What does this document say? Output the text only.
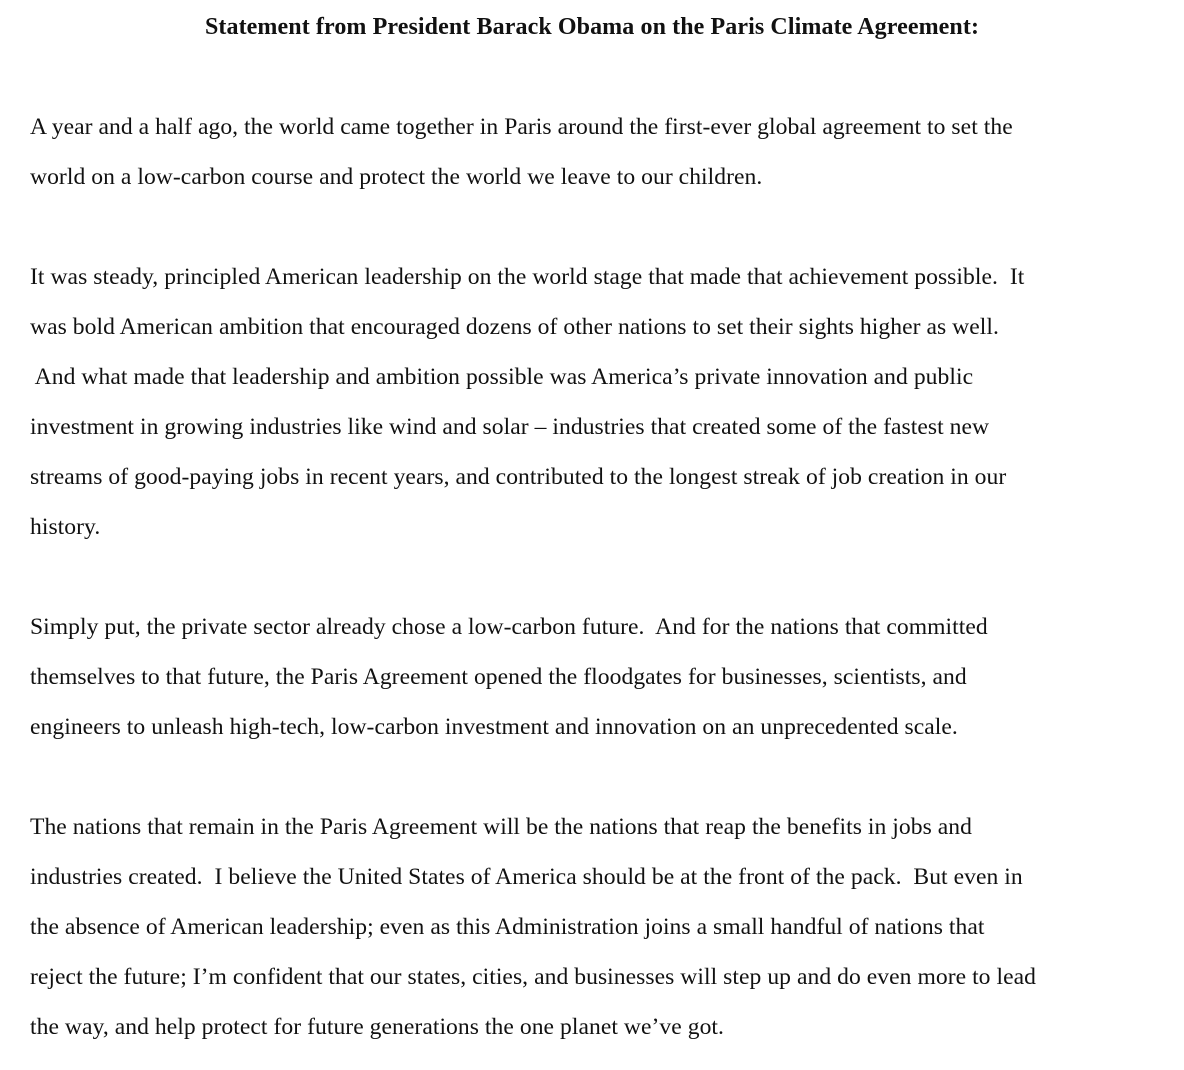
Statement from President Barack Obama on the Paris Climate Agreement:
A year and a half ago, the world came together in Paris around the first-ever global agreement to set the
world on a low-carbon course and protect the world we leave to our children.
It was steady, principled American leadership on the world stage that made that achievement possible.  It
was bold American ambition that encouraged dozens of other nations to set their sights higher as well.
And what made that leadership and ambition possible was America’s private innovation and public
investment in growing industries like wind and solar – industries that created some of the fastest new
streams of good-paying jobs in recent years, and contributed to the longest streak of job creation in our
history.
Simply put, the private sector already chose a low-carbon future.  And for the nations that committed
themselves to that future, the Paris Agreement opened the floodgates for businesses, scientists, and
engineers to unleash high-tech, low-carbon investment and innovation on an unprecedented scale.
The nations that remain in the Paris Agreement will be the nations that reap the benefits in jobs and
industries created.  I believe the United States of America should be at the front of the pack.  But even in
the absence of American leadership; even as this Administration joins a small handful of nations that
reject the future; I’m confident that our states, cities, and businesses will step up and do even more to lead
the way, and help protect for future generations the one planet we’ve got.
